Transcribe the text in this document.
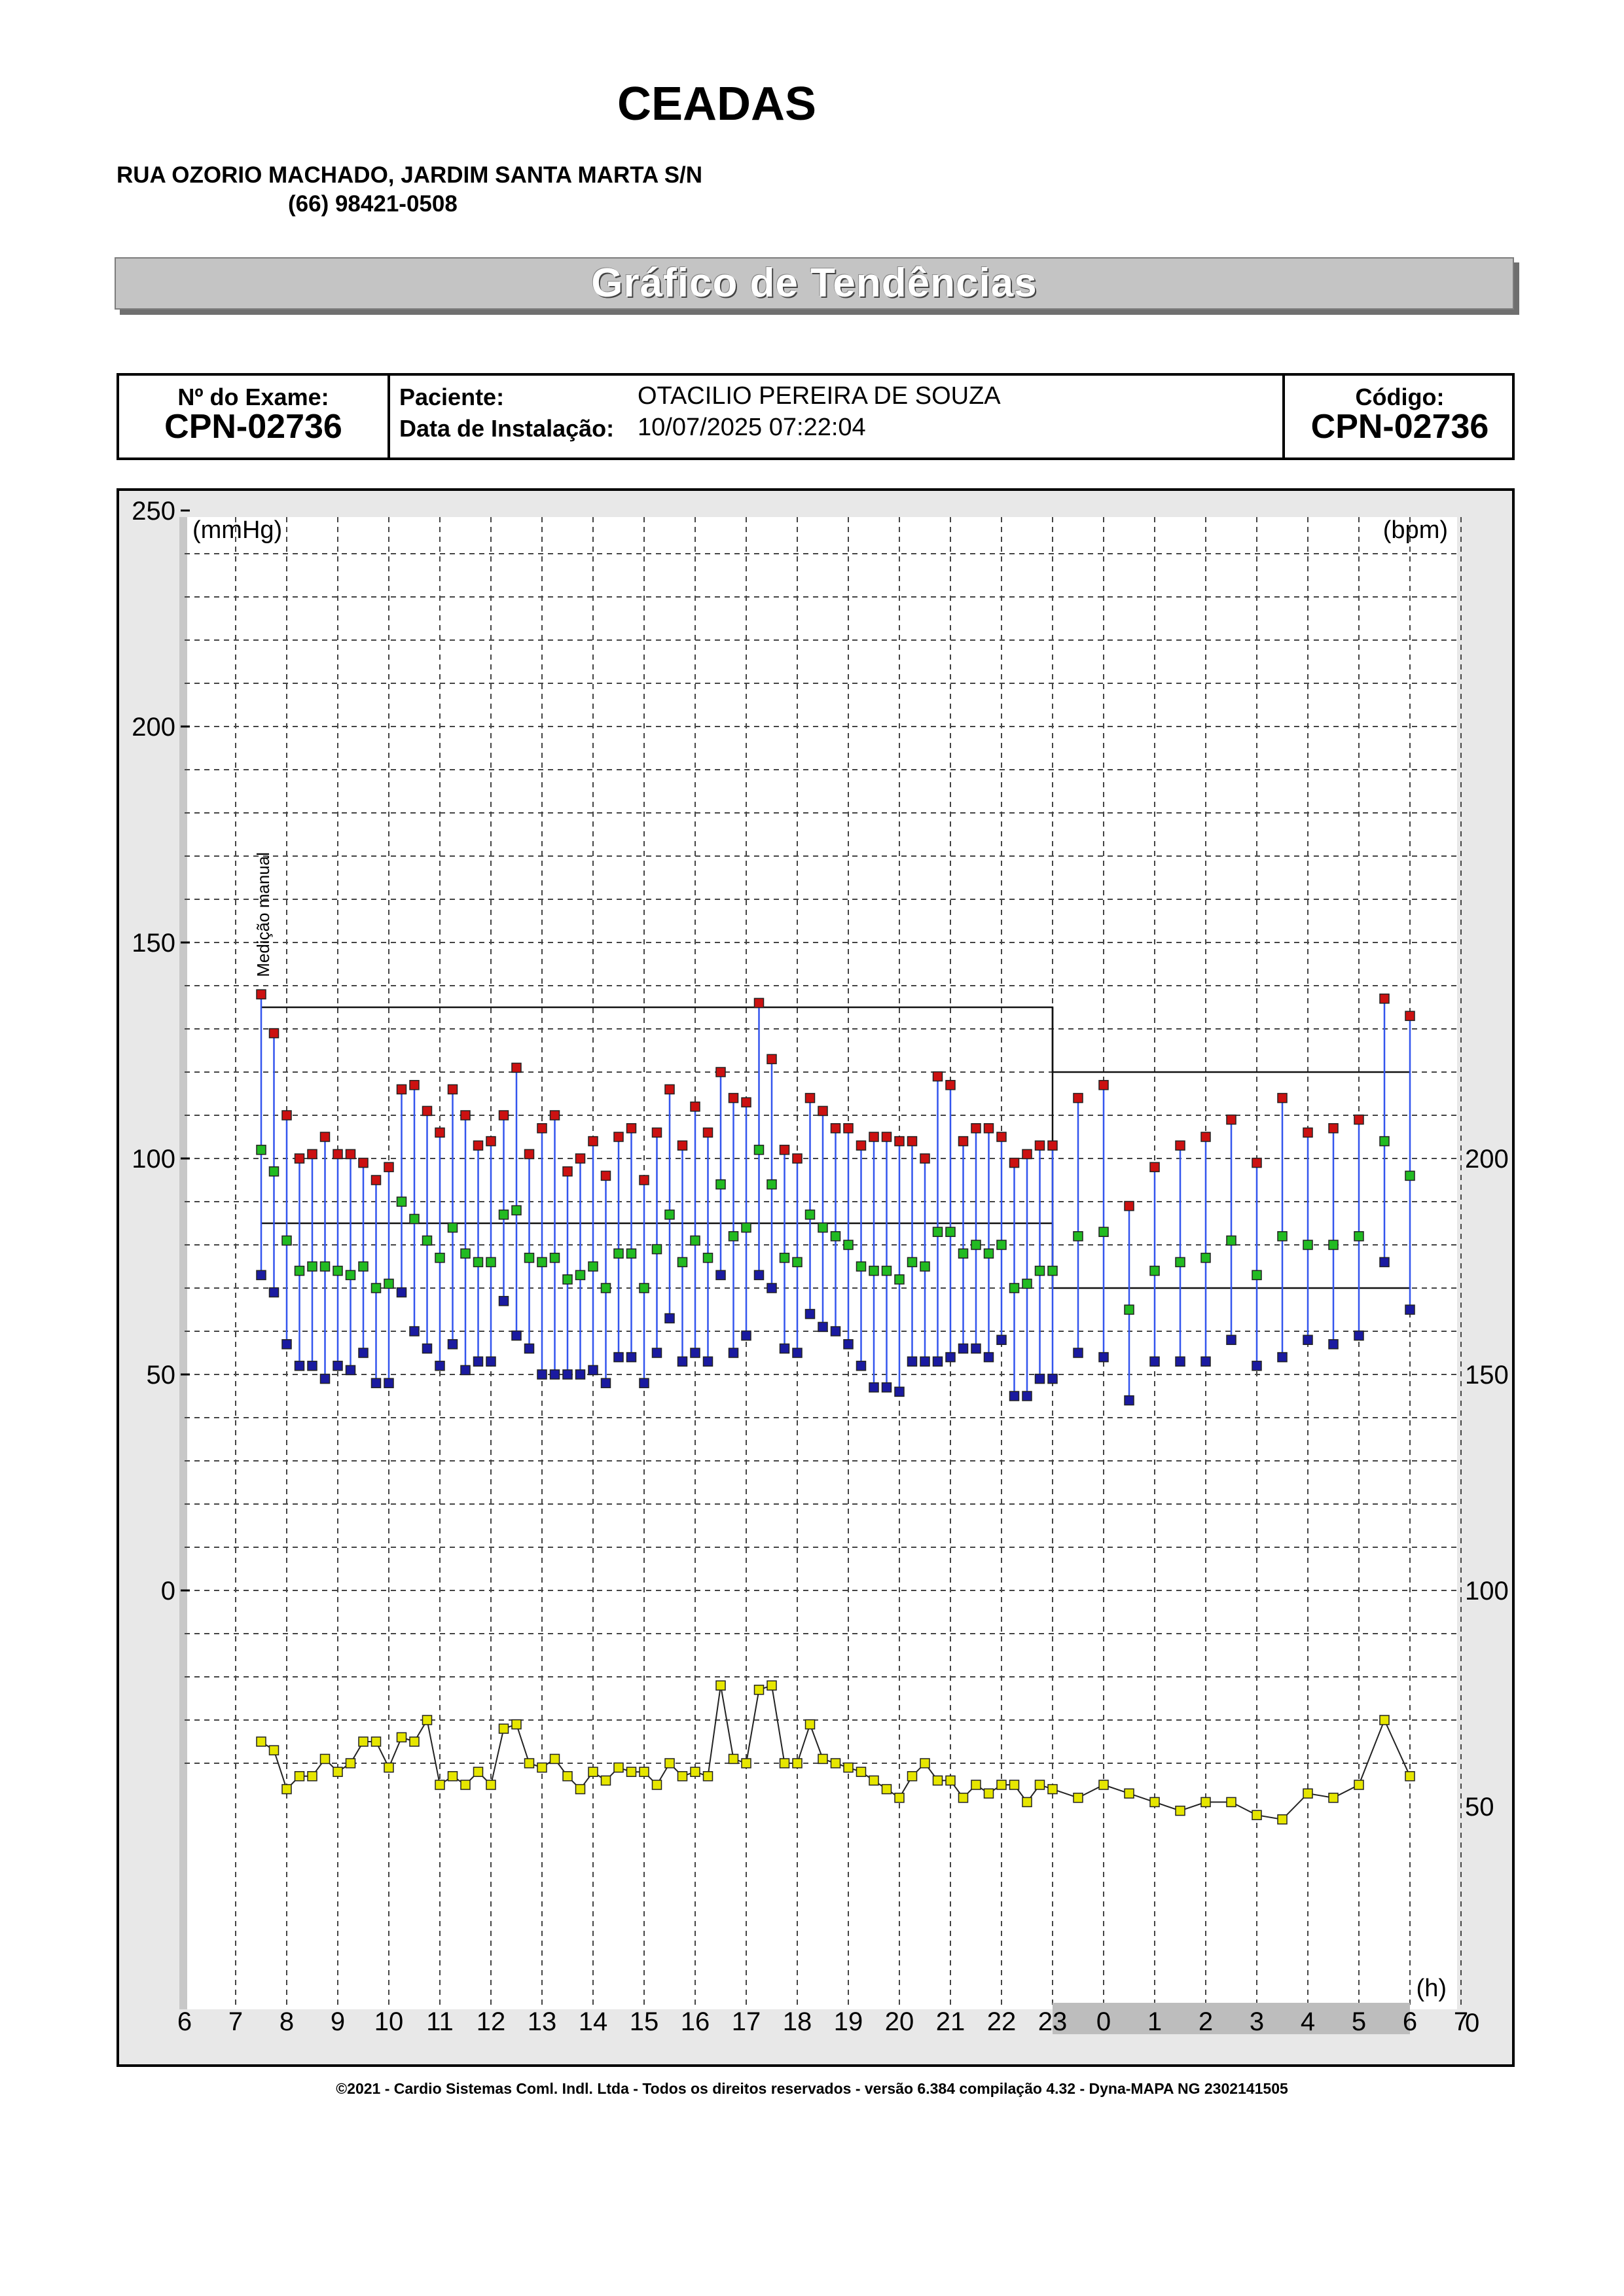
CEADAS
RUA OZORIO MACHADO, JARDIM SANTA MARTA S/N
(66) 98421-0508
Gráfico de Tendências
Nº do Exame:
CPN-02736
Paciente:	OTACILIO PEREIRA DE SOUZA
Data de Instalação: 10/07/2025 07:22:04
Código:
CPN-02736
250
200
150
100
50
0
200
150
100
50
0
6 7 8 9 10 11 12 13 14 15 16 17 18 19 20 21 22 23 0 1 2 3 4 5 6 7
(mmHg)	(bpm)
(h)
Medição manual
©2021 - Cardio Sistemas Coml. Indl. Ltda - Todos os direitos reservados - versão 6.384 compilação 4.32 - Dyna-MAPA NG 2302141505
